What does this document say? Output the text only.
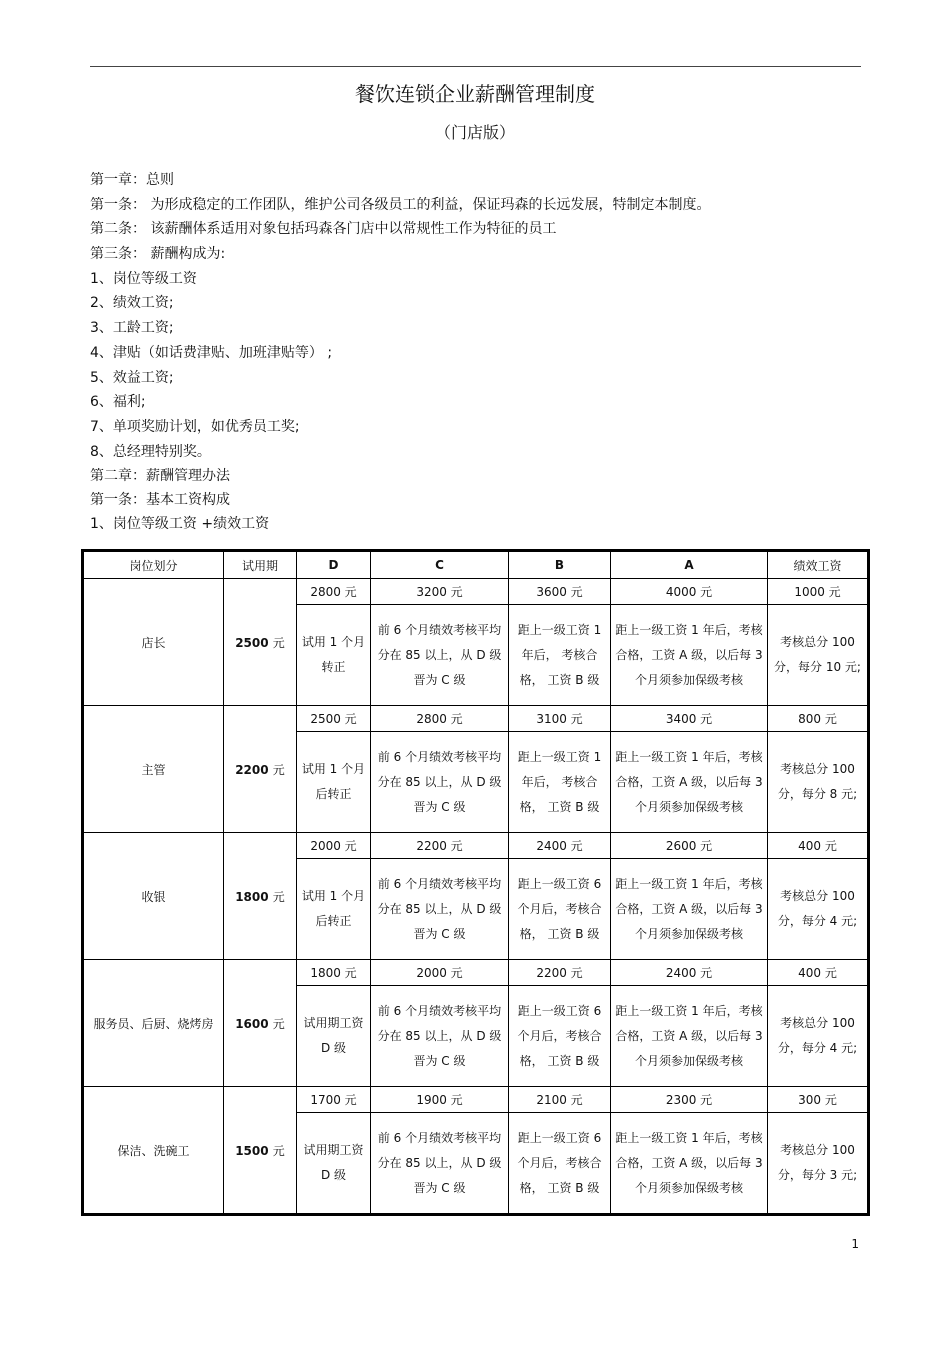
餐饮连锁企业薪酬管理制度
（门店版）
第一章：总则
第一条： 为形成稳定的工作团队，维护公司各级员工的利益，保证玛森的长远发展，特制定本制度。
第二条： 该薪酬体系适用对象包括玛森各门店中以常规性工作为特征的员工
第三条： 薪酬构成为:
1、岗位等级工资
2、绩效工资;
3、工龄工资;
4、津贴（如话费津贴、加班津贴等） ;
5、效益工资;
6、福利;
7、单项奖励计划，如优秀员工奖;
8、总经理特别奖。
第二章：薪酬管理办法
第一条：基本工资构成
1、岗位等级工资 +绩效工资
岗位划分	试用期	D	C	B	A	绩效工资
店长	2500 元	2800 元	3200 元	3600 元	4000 元	1000 元
		试用 1 个月转正	前 6 个月绩效考核平均分在 85 以上，从 D 级晋为 C 级	距上一级工资 1 年后， 考核合格， 工资 B 级	距上一级工资 1 年后，考核合格，工资 A 级，以后每 3 个月须参加保级考核	考核总分 100 分，每分 10 元;
主管	2200 元	2500 元	2800 元	3100 元	3400 元	800 元
		试用 1 个月后转正	前 6 个月绩效考核平均分在 85 以上，从 D 级晋为 C 级	距上一级工资 1 年后， 考核合格， 工资 B 级	距上一级工资 1 年后，考核合格，工资 A 级，以后每 3 个月须参加保级考核	考核总分 100 分，每分 8 元;
收银	1800 元	2000 元	2200 元	2400 元	2600 元	400 元
		试用 1 个月后转正	前 6 个月绩效考核平均分在 85 以上，从 D 级晋为 C 级	距上一级工资 6 个月后，考核合格， 工资 B 级	距上一级工资 1 年后，考核合格，工资 A 级，以后每 3 个月须参加保级考核	考核总分 100 分，每分 4 元;
服务员、后厨、烧烤房	1600 元	1800 元	2000 元	2200 元	2400 元	400 元
		试用期工资 D 级	前 6 个月绩效考核平均分在 85 以上，从 D 级晋为 C 级	距上一级工资 6 个月后，考核合格， 工资 B 级	距上一级工资 1 年后，考核合格，工资 A 级，以后每 3 个月须参加保级考核	考核总分 100 分，每分 4 元;
保洁、洗碗工	1500 元	1700 元	1900 元	2100 元	2300 元	300 元
		试用期工资 D 级	前 6 个月绩效考核平均分在 85 以上，从 D 级晋为 C 级	距上一级工资 6 个月后，考核合格， 工资 B 级	距上一级工资 1 年后，考核合格，工资 A 级，以后每 3 个月须参加保级考核	考核总分 100 分，每分 3 元;
1
